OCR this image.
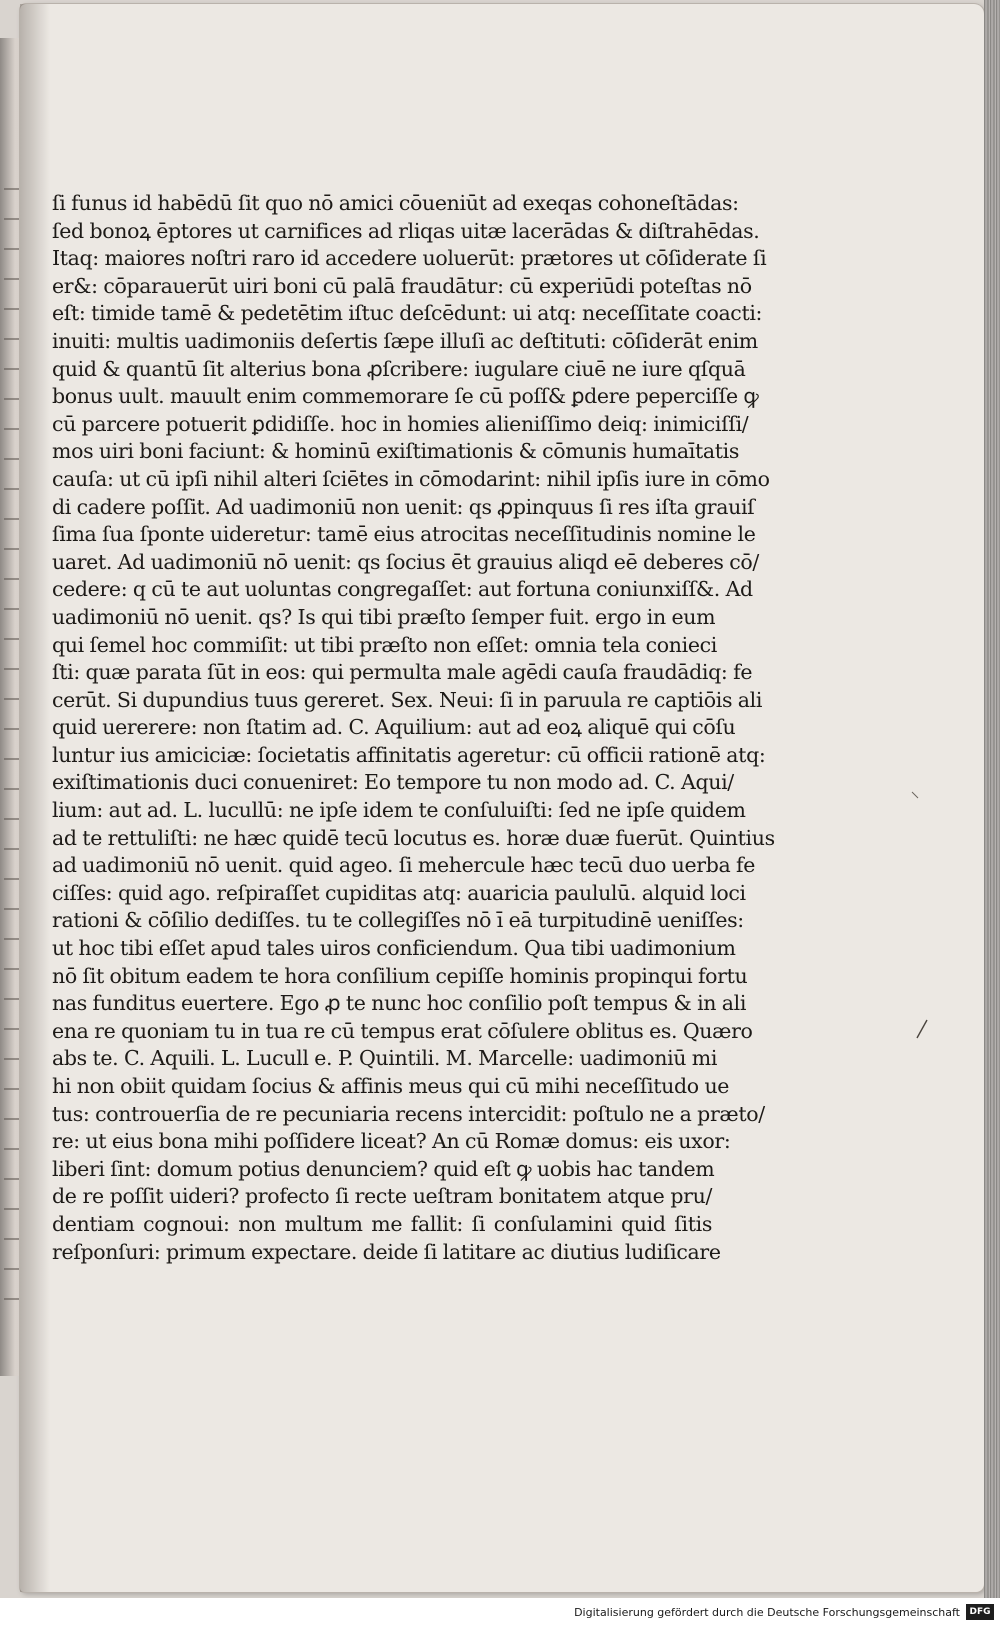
ſi funus id habēdū ſit quo nō amici cōueniūt ad exeqas cohoneſtādas:
ſed bonoꝝ ēptores ut carnifices ad rliqas uitæ lacerādas & diſtrahēdas.
Itaq: maiores noſtri raro id accedere uoluerūt: prætores ut cōſiderate ſi
er&: cōparauerūt uiri boni cū palā fraudātur: cū experiūdi poteſtas nō
eſt: timide tamē & pedetētim iſtuc deſcēdunt: ui atq: neceſſitate coacti:
inuiti: multis uadimoniis deſertis ſæpe illuſi ac deſtituti: cōſiderāt enim
quid & quantū ſit alterius bona ꝓſcribere: iugulare ciuē ne iure qſquā
bonus uult. mauult enim commemorare ſe cū poſſ& ꝑdere peperciſſe ꝙ
cū parcere potuerit ꝑdidiſſe. hoc in homies alieniſſimo deiq: inimiciſſi/
mos uiri boni faciunt: & hominū exiſtimationis & cōmunis humaītatis
cauſa: ut cū ipſi nihil alteri ſciētes in cōmodarint: nihil ipſis iure in cōmo
di cadere poſſit. Ad uadimoniū non uenit: qs ꝓpinquus ſi res iſta grauiſ
ſima ſua ſponte uideretur: tamē eius atrocitas neceſſitudinis nomine le
uaret. Ad uadimoniū nō uenit: qs ſocius ēt grauius aliqd eē deberes cō/
cedere: q cū te aut uoluntas congregaſſet: aut fortuna coniunxiſſ&. Ad
uadimoniū nō uenit. qs? Is qui tibi præſto ſemper fuit. ergo in eum
qui ſemel hoc commiſit: ut tibi præſto non eſſet: omnia tela conieci
ſti: quæ parata ſūt in eos: qui permulta male agēdi cauſa fraudādiq: fe
cerūt. Si dupundius tuus gereret. Sex. Neui: ſi in paruula re captiōis ali
quid uererere: non ſtatim ad. C. Aquilium: aut ad eoꝝ aliquē qui cōſu
luntur ius amiciciæ: ſocietatis affinitatis ageretur: cū officii rationē atq:
exiſtimationis duci conueniret: Eo tempore tu non modo ad. C. Aqui/
lium: aut ad. L. lucullū: ne ipſe idem te conſuluiſti: ſed ne ipſe quidem
ad te rettuliſti: ne hæc quidē tecū locutus es. horæ duæ fuerūt. Quintius
ad uadimoniū nō uenit. quid ageo. ſi mehercule hæc tecū duo uerba fe
ciſſes: quid ago. reſpiraſſet cupiditas atq: auaricia paululū. alquid loci
rationi & cōſilio dediſſes. tu te collegiſſes nō ī eā turpitudinē ueniſſes:
ut hoc tibi eſſet apud tales uiros conficiendum. Qua tibi uadimonium
nō ſit obitum eadem te hora conſilium cepiſſe hominis propinqui fortu
nas funditus euertere. Ego ꝓ te nunc hoc conſilio poſt tempus & in ali
ena re quoniam tu in tua re cū tempus erat cōſulere oblitus es. Quæro
abs te. C. Aquili. L. Lucull e. P. Quintili. M. Marcelle: uadimoniū mi
hi non obiit quidam ſocius & affinis meus qui cū mihi neceſſitudo ue
tus: controuerſia de re pecuniaria recens intercidit: poſtulo ne a præto/
re: ut eius bona mihi poſſidere liceat? An cū Romæ domus: eis uxor:
liberi ſint: domum potius denunciem? quid eſt ꝙ uobis hac tandem
de re poſſit uideri? profecto ſi recte ueſtram bonitatem atque pru/
dentiam cognoui: non multum me fallit: ſi conſulamini quid ſitis
reſponſuri: primum expectare. deide ſi latitare ac diutius ludiſicare
Digitalisierung gefördert durch die Deutsche Forschungsgemeinschaft	DFG
